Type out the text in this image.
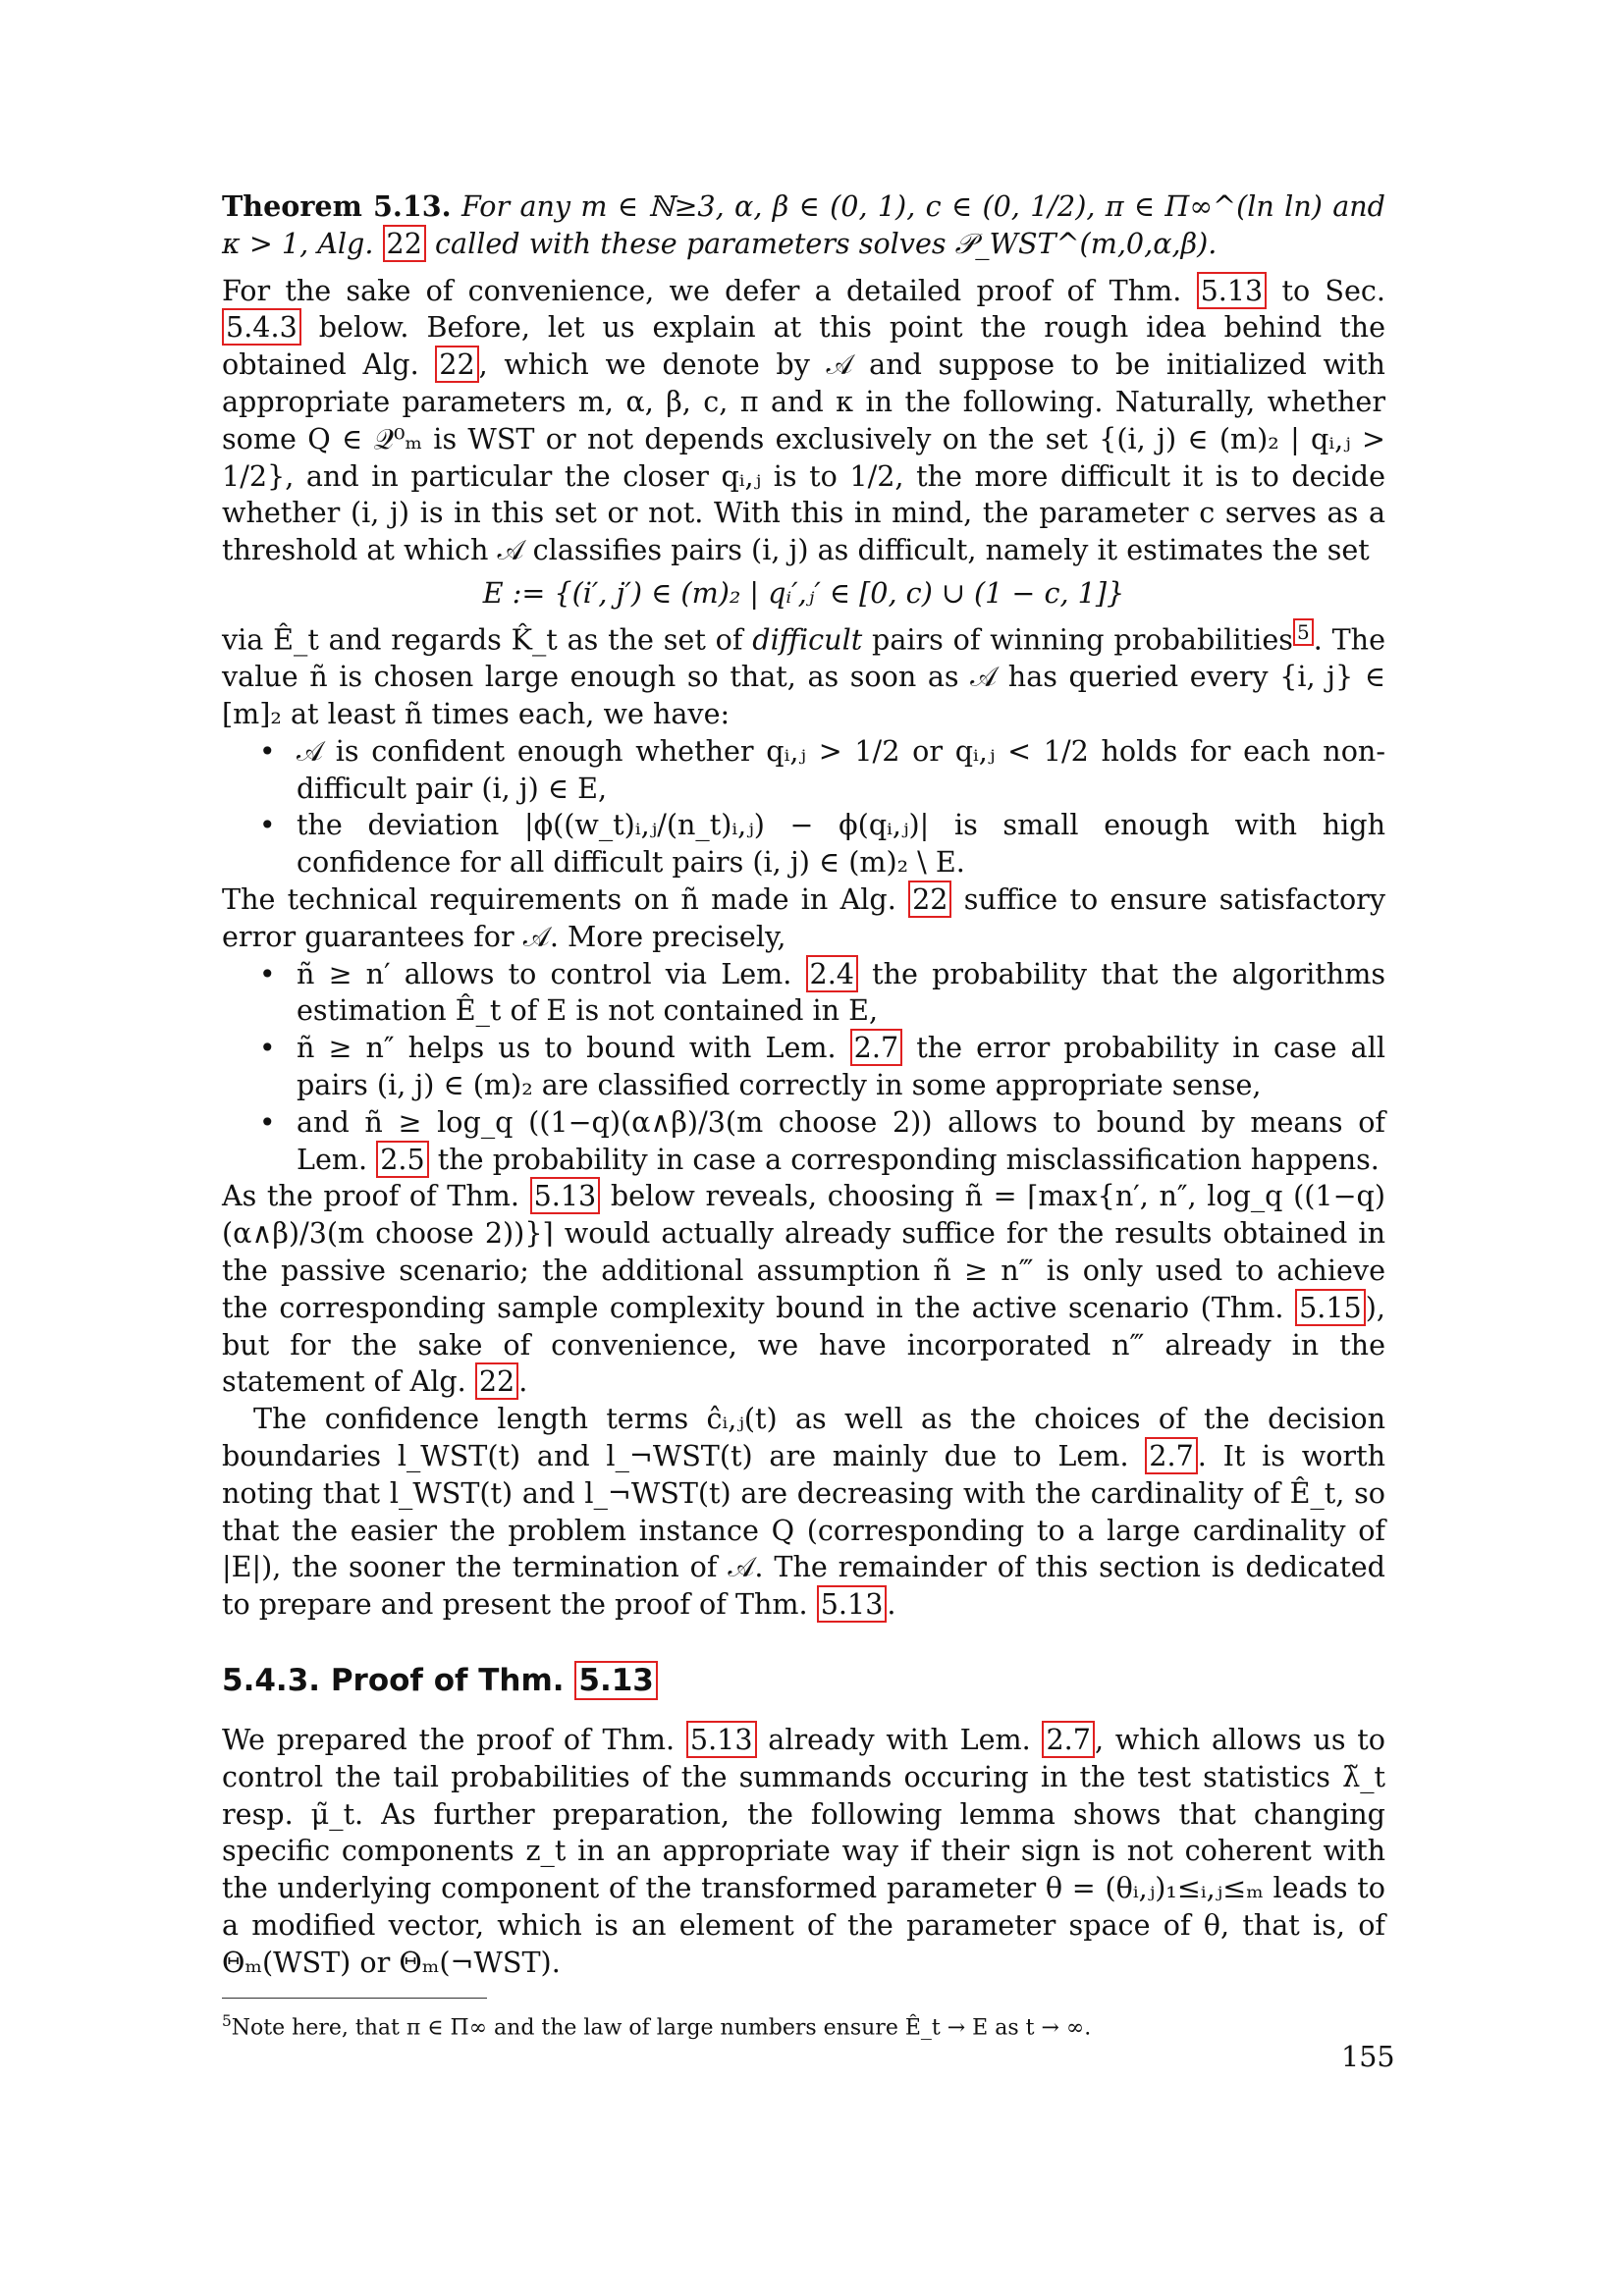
Theorem 5.13. For any m ∈ ℕ≥3, α, β ∈ (0, 1), c ∈ (0, 1/2), π ∈ Π∞^(ln ln) and κ > 1, Alg. 22 called with these parameters solves 𝒫_WST^(m,0,α,β).

For the sake of convenience, we defer a detailed proof of Thm. 5.13 to Sec. 5.4.3 below. Before, let us explain at this point the rough idea behind the obtained Alg. 22 , which we denote by 𝒜 and suppose to be initialized with appropriate parameters m, α, β, c, π and κ in the following. Naturally, whether some Q ∈ 𝒬⁰ₘ is WST or not depends exclusively on the set {(i, j) ∈ (m)₂ | qᵢ,ⱼ > 1/2}, and in particular the closer qᵢ,ⱼ is to 1/2, the more difficult it is to decide whether (i, j) is in this set or not. With this in mind, the parameter c serves as a threshold at which 𝒜 classifies pairs (i, j) as difficult, namely it estimates the set

E := {(i′, j′) ∈ (m)₂ | qᵢ′,ⱼ′ ∈ [0, c) ∪ (1 − c, 1]}

via Ê_t and regards K̂_t as the set of difficult pairs of winning probabilities $^5$ . The value ñ is chosen large enough so that, as soon as 𝒜 has queried every {i, j} ∈ [m]₂ at least ñ times each, we have:

• 𝒜 is confident enough whether qᵢ,ⱼ > 1/2 or qᵢ,ⱼ < 1/2 holds for each non-difficult pair (i, j) ∈ E,
• the deviation |ϕ((w_t)ᵢ,ⱼ/(n_t)ᵢ,ⱼ) − ϕ(qᵢ,ⱼ)| is small enough with high confidence for all difficult pairs (i, j) ∈ (m)₂ \ E.

The technical requirements on ñ made in Alg. 22 suffice to ensure satisfactory error guarantees for 𝒜. More precisely,

• ñ ≥ n′ allows to control via Lem. 2.4 the probability that the algorithms estimation Ê_t of E is not contained in E,
• ñ ≥ n″ helps us to bound with Lem. 2.7 the error probability in case all pairs (i, j) ∈ (m)₂ are classified correctly in some appropriate sense,
• and ñ ≥ log_q ((1−q)(α∧β)/3(m choose 2)) allows to bound by means of Lem. 2.5 the probability in case a corresponding misclassification happens.

As the proof of Thm. 5.13 below reveals, choosing ñ = ⌈max{n′, n″, log_q ((1−q)(α∧β)/3(m choose 2))}⌉ would actually already suffice for the results obtained in the passive scenario; the additional assumption ñ ≥ n‴ is only used to achieve the corresponding sample complexity bound in the active scenario (Thm. 5.15 ), but for the sake of convenience, we have incorporated n‴ already in the statement of Alg. 22 .

The confidence length terms ĉᵢ,ⱼ(t) as well as the choices of the decision boundaries l_WST(t) and l_¬WST(t) are mainly due to Lem. 2.7 . It is worth noting that l_WST(t) and l_¬WST(t) are decreasing with the cardinality of Ê_t, so that the easier the problem instance Q (corresponding to a large cardinality of |E|), the sooner the termination of 𝒜. The remainder of this section is dedicated to prepare and present the proof of Thm. 5.13 .

5.4.3. Proof of Thm. 5.13

We prepared the proof of Thm. 5.13 already with Lem. 2.7 , which allows us to control the tail probabilities of the summands occuring in the test statistics λ̃_t resp. μ̃_t. As further preparation, the following lemma shows that changing specific components z_t in an appropriate way if their sign is not coherent with the underlying component of the transformed parameter θ = (θᵢ,ⱼ)₁≤ᵢ,ⱼ≤ₘ leads to a modified vector, which is an element of the parameter space of θ, that is, of Θₘ(WST) or Θₘ(¬WST).

$^5$Note here, that π ∈ Π∞ and the law of large numbers ensure Ê_t → E as t → ∞.

155
